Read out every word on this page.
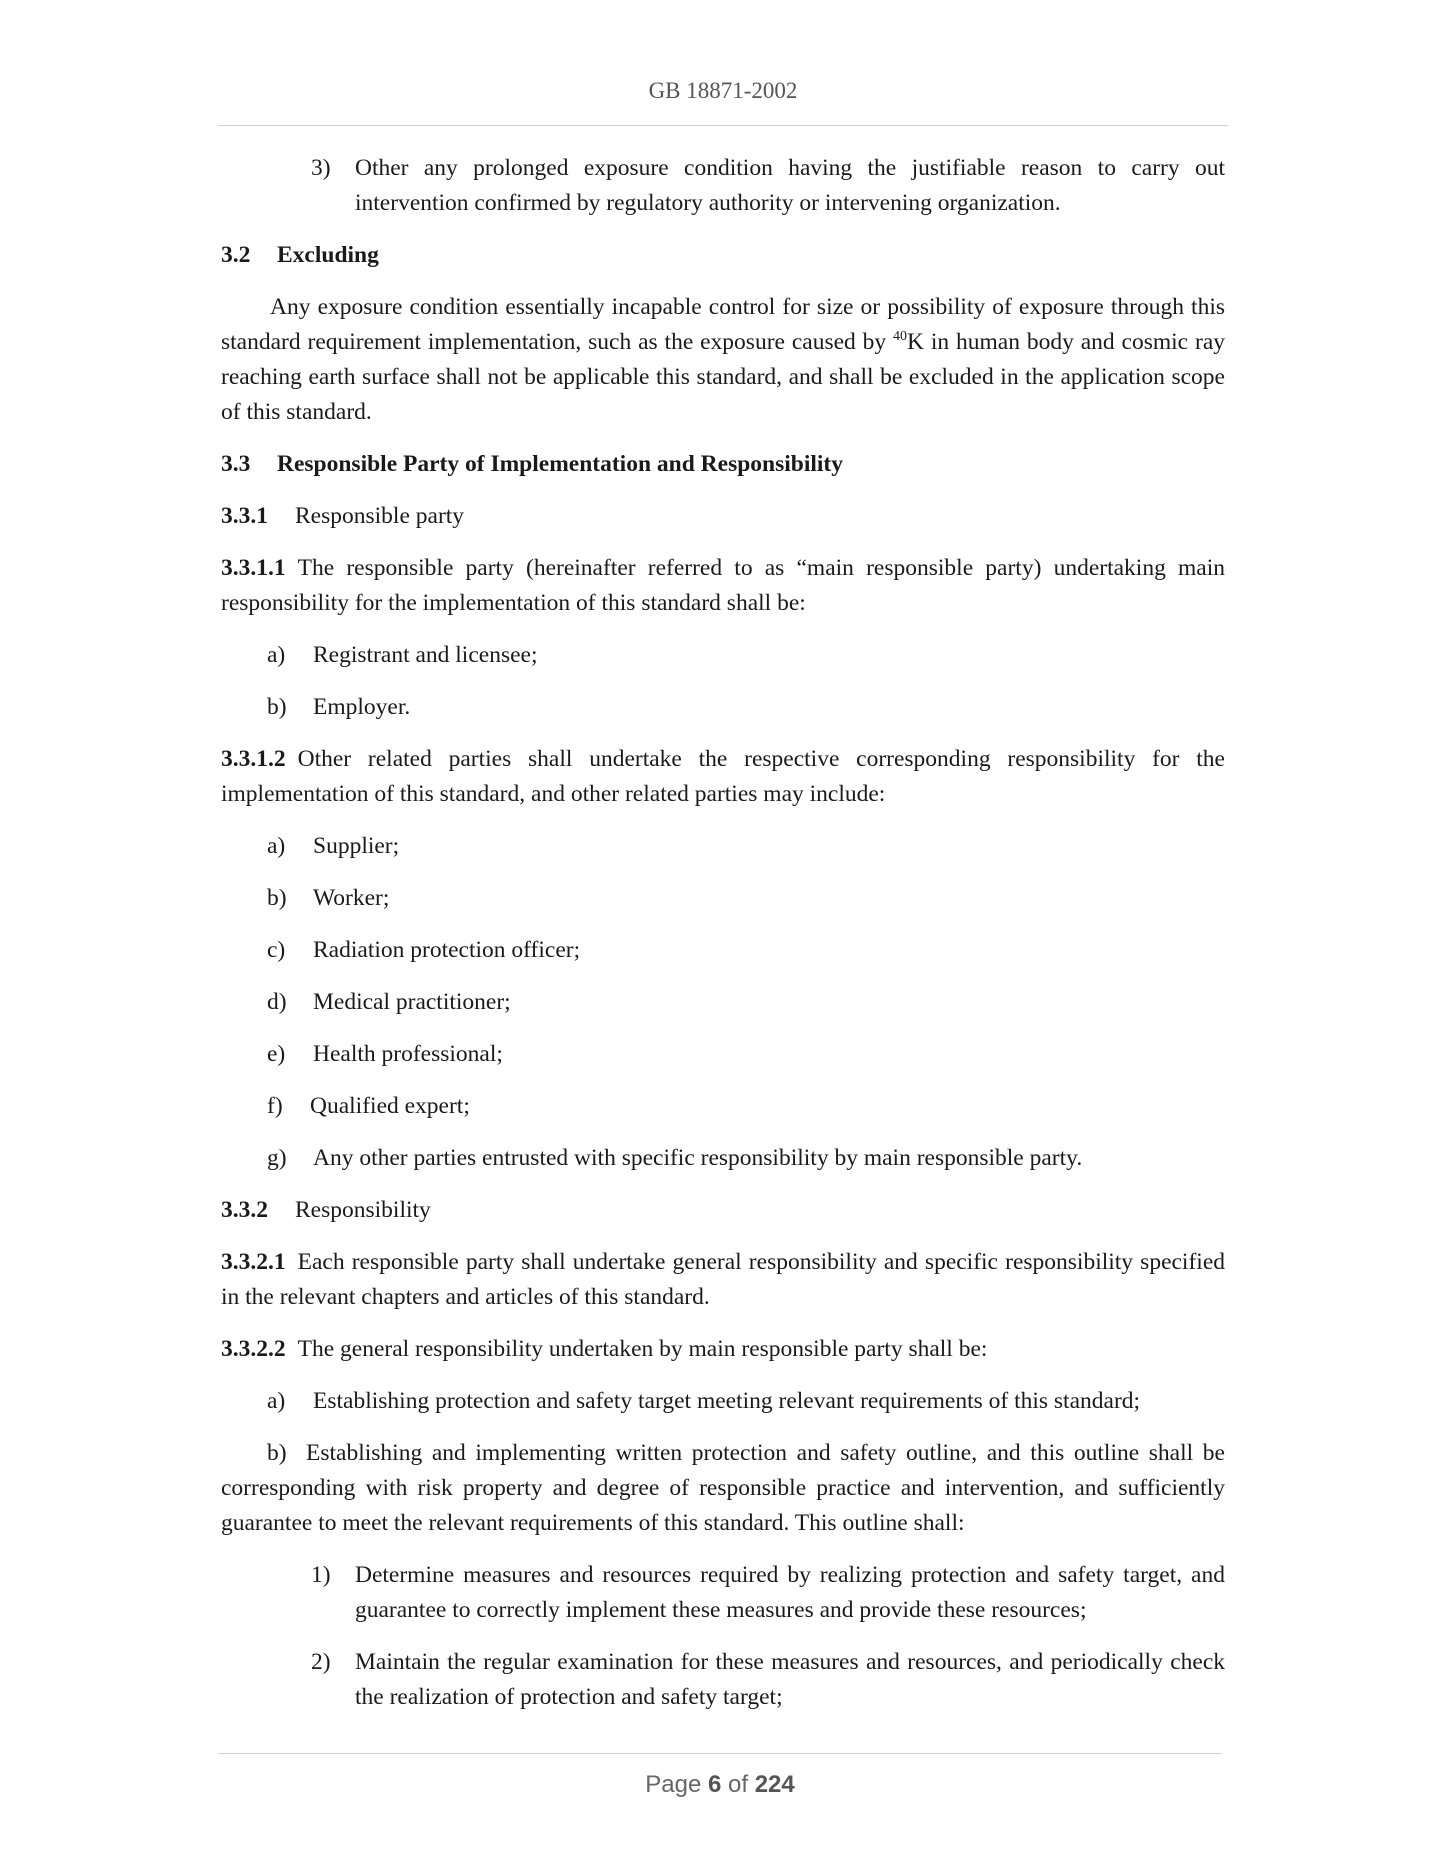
GB 18871-2002
3)	Other any prolonged exposure condition having the justifiable reason to carry out intervention confirmed by regulatory authority or intervening organization.

3.2 Excluding

Any exposure condition essentially incapable control for size or possibility of exposure through this standard requirement implementation, such as the exposure caused by $^{40}$K in human body and cosmic ray reaching earth surface shall not be applicable this standard, and shall be excluded in the application scope of this standard.

3.3 Responsible Party of Implementation and Responsibility

3.3.1 Responsible party

3.3.1.1 The responsible party (hereinafter referred to as “main responsible party) undertaking main responsibility for the implementation of this standard shall be:

a)	Registrant and licensee;
b)	Employer.

3.3.1.2 Other related parties shall undertake the respective corresponding responsibility for the implementation of this standard, and other related parties may include:

a)	Supplier;
b)	Worker;
c)	Radiation protection officer;
d)	Medical practitioner;
e)	Health professional;
f)	Qualified expert;
g)	Any other parties entrusted with specific responsibility by main responsible party.

3.3.2 Responsibility

3.3.2.1 Each responsible party shall undertake general responsibility and specific responsibility specified in the relevant chapters and articles of this standard.

3.3.2.2 The general responsibility undertaken by main responsible party shall be:

a)	Establishing protection and safety target meeting relevant requirements of this standard;

b) Establishing and implementing written protection and safety outline, and this outline shall be corresponding with risk property and degree of responsible practice and intervention, and sufficiently guarantee to meet the relevant requirements of this standard. This outline shall:

1)	Determine measures and resources required by realizing protection and safety target, and guarantee to correctly implement these measures and provide these resources;
2)	Maintain the regular examination for these measures and resources, and periodically check the realization of protection and safety target;
Page 6 of 224
